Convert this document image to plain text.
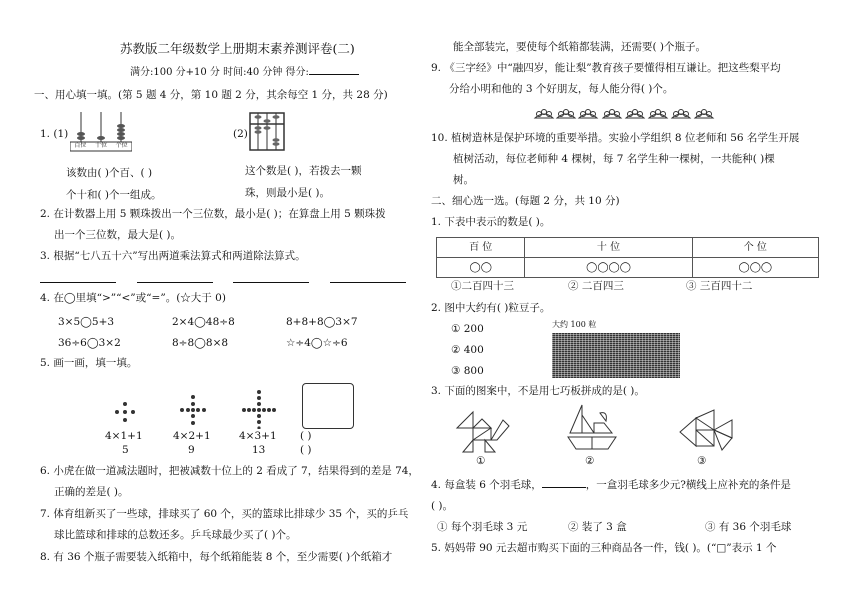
苏教版二年级数学上册期末素养测评卷(二)
满分:100 分+10 分 时间:40 分钟 得分:
一、用心填一填。(第 5 题 4 分，第 10 题 2 分，其余每空 1 分，共 28 分)
1. (1)
百位 十位 个位
(2)
该数由( )个百、( )
个十和( )个一组成。
这个数是( )，若拨去一颗
珠，则最小是( )。
2. 在计数器上用 5 颗珠拨出一个三位数，最小是( )；在算盘上用 5 颗珠拨
出一个三位数，最大是( )。
3. 根据“七八五十六”写出两道乘法算式和两道除法算式。
4. 在◯里填“>”“<”或“=”。(☆大于 0)
3×5◯5+3	2×4◯48÷8	8+8+8◯3×7
36÷6◯3×2	8÷8◯8×8	☆÷4◯☆÷6
5. 画一画，填一填。
4×1+1	4×2+1	4×3+1 ( )
5	9	13	( )
6. 小虎在做一道减法题时，把被减数十位上的 2 看成了 7，结果得到的差是 74，
正确的差是( )。
7. 体育组新买了一些球，排球买了 60 个，买的篮球比排球少 35 个，买的乒乓
球比篮球和排球的总数还多。乒乓球最少买了( )个。
8. 有 36 个瓶子需要装入纸箱中，每个纸箱能装 8 个，至少需要( )个纸箱才
能全部装完，要使每个纸箱都装满，还需要( )个瓶子。
9. 《三字经》中“融四岁，能让梨”教育孩子要懂得相互谦让。把这些梨平均
分给小明和他的 3 个好朋友，每人能分得( )个。
10. 植树造林是保护环境的重要举措。实验小学组织 8 位老师和 56 名学生开展
植树活动，每位老师种 4 棵树，每 7 名学生种一棵树，一共能种( )棵
树。
二、细心选一选。(每题 2 分，共 10 分)
1. 下表中表示的数是( )。
百 位	十 位	个 位
◯◯	◯◯◯◯	◯◯◯
①二百四十三	② 二百四三	③ 三百四十二
2. 图中大约有( )粒豆子。
① 200
② 400
③ 800
大约 100 粒
3. 下面的图案中，不是用七巧板拼成的是( )。
①	②	③
4. 每盒装 6 个羽毛球，	，一盒羽毛球多少元?横线上应补充的条件是
( )。
① 每个羽毛球 3 元	② 装了 3 盒	③ 有 36 个羽毛球
5. 妈妈带 90 元去超市购买下面的三种商品各一件，钱( )。(“□”表示 1 个
